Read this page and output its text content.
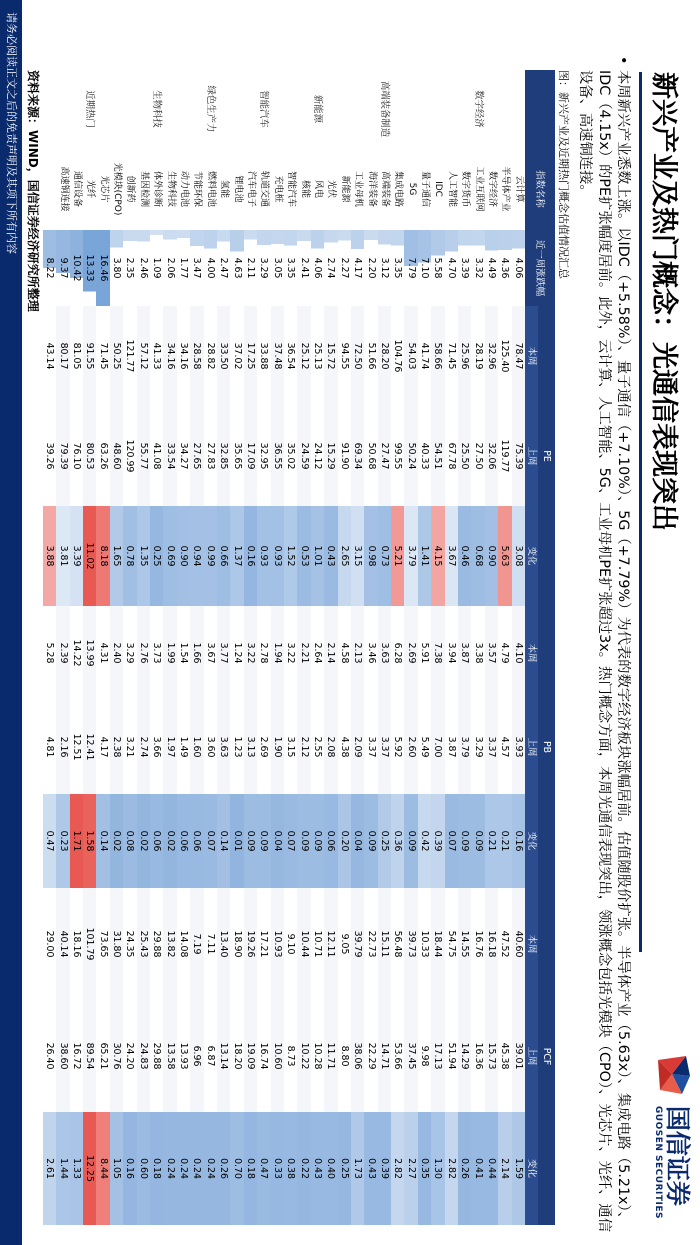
国信证券
GUOSEN SECURITIES
新兴产业及热门概念：光通信表现突出
•
本周新兴产业悉数上涨。以IDC（+5.58%）、量子通信（+7.10%）、5G（+7.79%）为代表的数字经济板块涨幅居前。估值随股价扩张。半导体产业（5.63x）、集成电路（5.21x）、IDC（4.15x）的PE扩张幅度居前。此外，云计算、人工智能、5G、工业母机PE扩张超过3x。热门概念方面，本周光通信表现突出，领涨概念包括光模块（CPO）、光芯片、光纤、通信设备、高速铜连接。
图：新兴产业及近期热门概念估值情况汇总
	指数名称	近一周涨跌幅	PE			PB			PCF		
			本周	上周	变化	本周	上周	变化	本周	上周	变化
	云计算	4.06	78.47	75.39	3.08	4.10	3.93	0.16	40.60	39.01	1.59
	半导体产业	4.36	125.40	119.77	5.63	4.79	4.57	0.21	47.52	45.38	2.14
	数字经济	4.49	32.96	32.06	0.90	3.57	3.37	0.21	16.18	15.73	0.44
数字经济	工业互联网	3.32	28.19	27.50	0.68	3.38	3.29	0.09	16.76	16.36	0.41
	数字货币	3.39	25.96	25.50	0.46	3.87	3.79	0.09	14.55	14.29	0.26
	人工智能	4.70	71.45	67.78	3.67	3.94	3.87	0.07	54.75	51.94	2.82
	IDC	5.58	58.66	54.51	4.15	7.38	7.00	0.39	18.44	17.13	1.30
	量子通信	7.10	41.74	40.33	1.41	5.91	5.49	0.42	10.33	9.98	0.35
	5G	7.79	54.03	50.24	3.79	2.69	2.60	0.09	39.73	37.45	2.27
	集成电路	3.35	104.76	99.55	5.21	6.28	5.92	0.36	56.48	53.66	2.82
高端装备制造	高端装备	3.12	28.20	27.47	0.73	3.63	3.37	0.25	15.11	14.71	0.39
	海洋装备	2.20	51.66	50.68	0.98	3.46	3.37	0.09	22.73	22.29	0.43
	工业母机	4.17	72.50	69.34	3.15	2.13	2.09	0.04	39.79	38.06	1.73
	新能源	2.27	94.55	91.90	2.65	4.58	4.38	0.20	9.05	8.80	0.25
	光伏	2.74	15.72	15.29	0.43	2.14	2.08	0.06	12.11	11.71	0.40
新能源	风电	4.06	25.13	24.12	1.01	2.64	2.55	0.09	10.71	10.28	0.43
	核能	2.41	25.12	24.59	0.53	2.21	2.12	0.09	10.44	10.22	0.22
	智能汽车	3.35	36.54	35.02	1.52	3.22	3.15	0.07	9.10	8.73	0.38
	充电桩	3.05	37.48	36.55	0.93	1.94	1.90	0.04	10.93	10.60	0.33
智能汽车	轨道交通	3.29	33.88	32.95	0.93	2.78	2.69	0.09	17.21	16.74	0.47
	汽车电子	2.11	17.25	17.09	0.16	3.22	3.13	0.09	19.26	19.09	0.18
	锂电池	4.63	37.02	35.65	1.37	1.24	1.23	0.01	18.90	18.20	0.70
	氢能	2.47	33.50	32.85	0.66	3.77	3.63	0.14	13.40	13.14	0.26
绿色生产力	燃料电池	4.00	28.82	27.83	0.99	3.67	3.60	0.07	7.11	6.87	0.24
	节能环保	3.47	28.58	27.65	0.94	1.66	1.60	0.06	7.19	6.96	0.24
	动力电池	1.77	34.16	34.27	0.90	1.54	1.49	0.06	14.08	13.93	0.24
	生物科技	2.06	34.16	33.54	0.69	1.99	1.97	0.02	13.82	13.58	0.24
生物科技	体外诊断	1.09	41.33	41.08	0.25	3.73	3.66	0.06	29.88	29.88	0.18
	基因检测	2.46	57.12	55.77	1.35	2.76	2.74	0.02	25.43	24.83	0.60
	创新药	2.35	121.77	120.99	0.78	3.29	3.21	0.08	24.35	24.20	0.16
	光模块(CPO)	3.80	50.25	48.60	1.65	2.40	2.38	0.02	31.80	30.76	1.05
	光芯片	16.46	71.45	63.26	8.18	4.31	4.17	0.14	73.65	65.21	8.44
近期热门	光纤	13.33	91.55	80.53	11.02	13.99	12.41	1.58	101.79	89.54	12.25
	通信设备	10.42	81.05	76.10	3.39	14.22	12.51	1.71	18.16	16.72	1.33
	高速铜连接	9.37	80.17	79.39	3.81	2.39	2.16	0.23	40.14	38.60	1.44
		8.22	43.14	39.26	3.88	5.28	4.81	0.47	29.00	26.40	2.61
资料来源：WIND，国信证券经济研究所整理
请务必阅读正文之后的免责声明及其项下所有内容
